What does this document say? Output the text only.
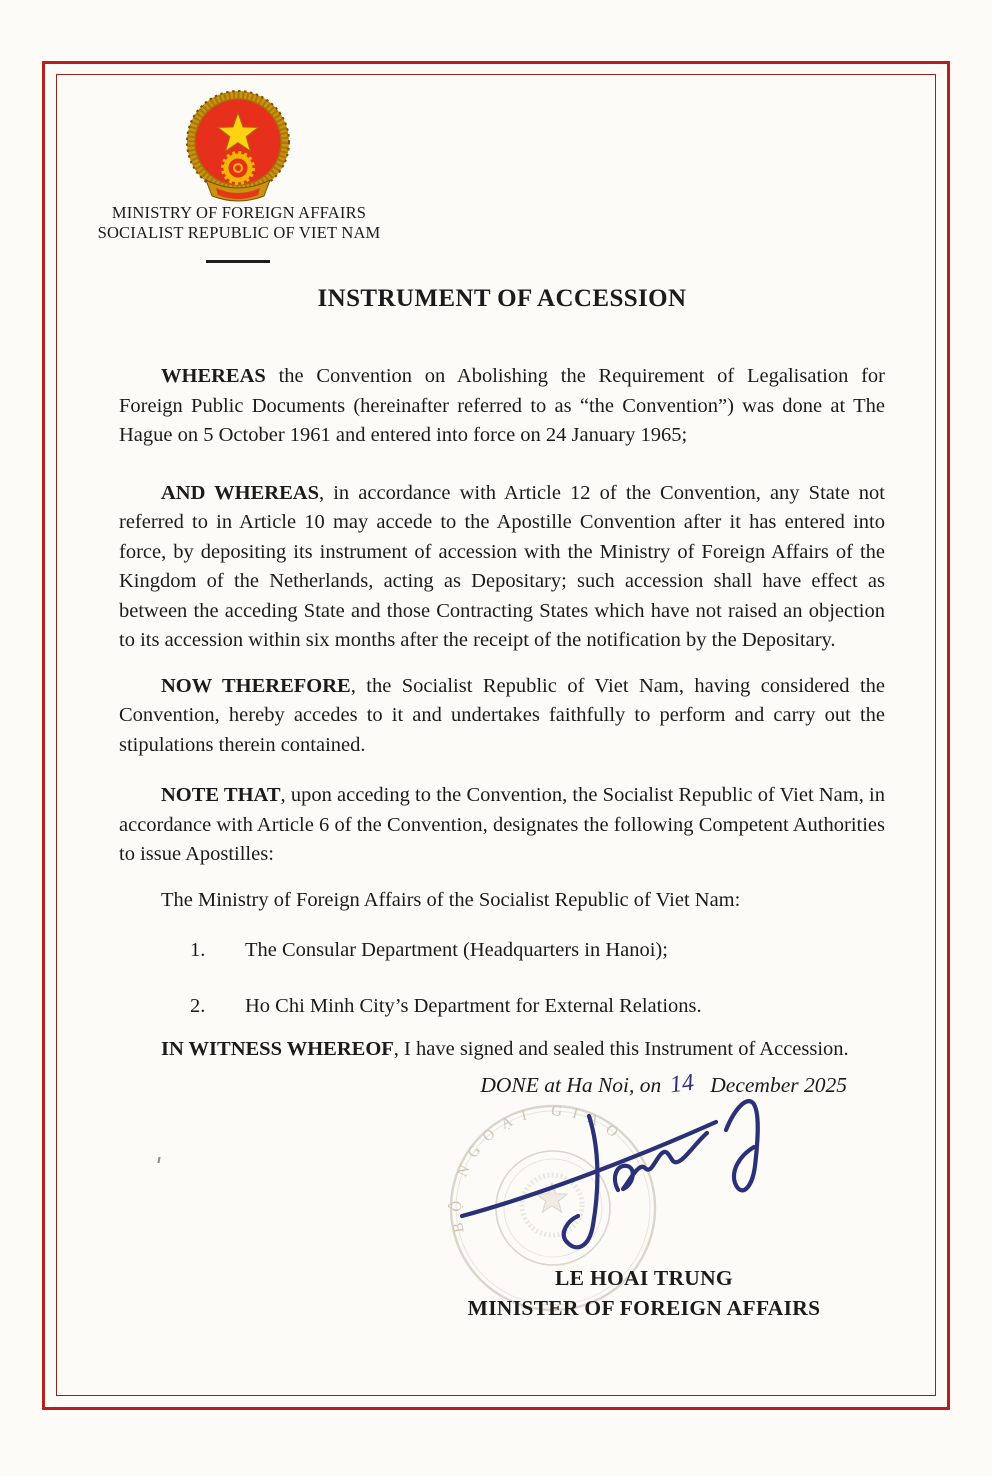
MINISTRY OF FOREIGN AFFAIRS
SOCIALIST REPUBLIC OF VIET NAM
INSTRUMENT OF ACCESSION

WHEREAS the Convention on Abolishing the Requirement of Legalisation for Foreign Public Documents (hereinafter referred to as “the Convention”) was done at The Hague on 5 October 1961 and entered into force on 24 January 1965;

AND WHEREAS, in accordance with Article 12 of the Convention, any State not referred to in Article 10 may accede to the Apostille Convention after it has entered into force, by depositing its instrument of accession with the Ministry of Foreign Affairs of the Kingdom of the Netherlands, acting as Depositary; such accession shall have effect as between the acceding State and those Contracting States which have not raised an objection to its accession within six months after the receipt of the notification by the Depositary.

NOW THEREFORE, the Socialist Republic of Viet Nam, having considered the Convention, hereby accedes to it and undertakes faithfully to perform and carry out the stipulations therein contained.

NOTE THAT, upon acceding to the Convention, the Socialist Republic of Viet Nam, in accordance with Article 6 of the Convention, designates the following Competent Authorities to issue Apostilles:

The Ministry of Foreign Affairs of the Socialist Republic of Viet Nam:

1. The Consular Department (Headquarters in Hanoi);
2. Ho Chi Minh City’s Department for External Relations.

IN WITNESS WHEREOF, I have signed and sealed this Instrument of Accession.

DONE at Ha Noi, on 14 December 2025
BỘ NGOẠI GIAO
LE HOAI TRUNG
MINISTER OF FOREIGN AFFAIRS
